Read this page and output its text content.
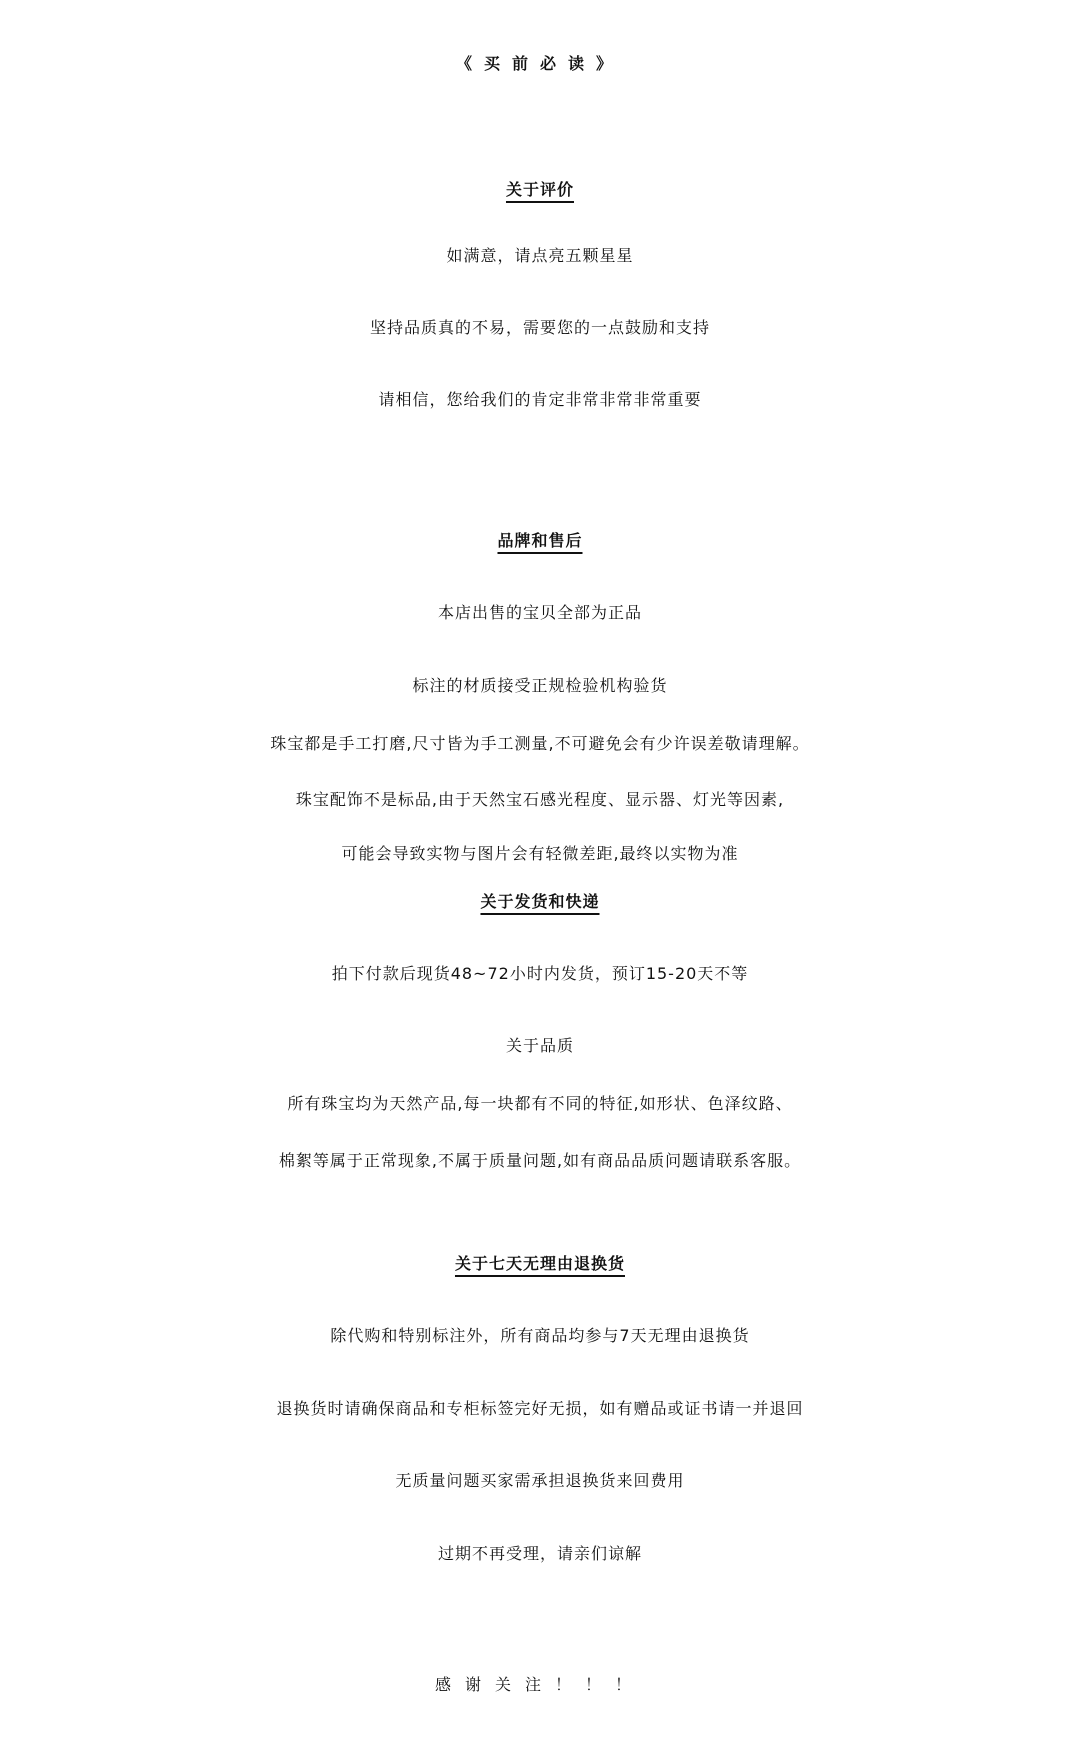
《买前必读》
关于评价
如满意，请点亮五颗星星
坚持品质真的不易，需要您的一点鼓励和支持
请相信，您给我们的肯定非常非常非常重要
品牌和售后
本店出售的宝贝全部为正品
标注的材质接受正规检验机构验货
珠宝都是手工打磨,尺寸皆为手工测量,不可避免会有少许误差敬请理解。
珠宝配饰不是标品,由于天然宝石感光程度、显示器、灯光等因素,
可能会导致实物与图片会有轻微差距,最终以实物为准
关于发货和快递
拍下付款后现货48~72小时内发货，预订15-20天不等
关于品质
所有珠宝均为天然产品,每一块都有不同的特征,如形状、色泽纹路、
棉絮等属于正常现象,不属于质量问题,如有商品品质问题请联系客服。
关于七天无理由退换货
除代购和特别标注外，所有商品均参与7天无理由退换货
退换货时请确保商品和专柜标签完好无损，如有赠品或证书请一并退回
无质量问题买家需承担退换货来回费用
过期不再受理，请亲们谅解
感谢关注！！！
